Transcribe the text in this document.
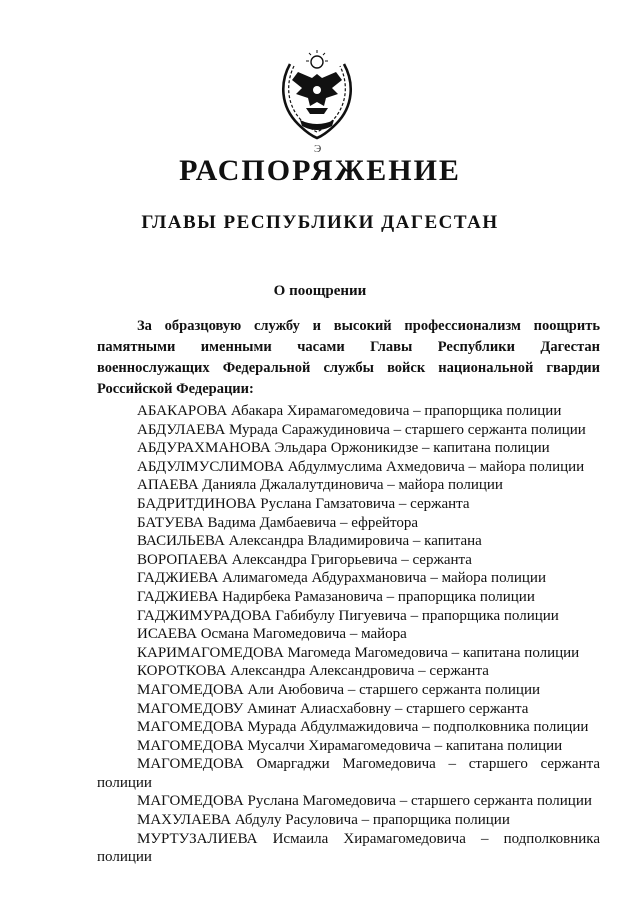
Э
РАСПОРЯЖЕНИЕ
ГЛАВЫ РЕСПУБЛИКИ ДАГЕСТАН
О поощрении
За образцовую службу и высокий профессионализм поощрить памятными именными часами Главы Республики Дагестан военнослужащих Федеральной службы войск национальной гвардии Российской Федерации:
АБАКАРОВА Абакара Хирамагомедовича – прапорщика полиции
АБДУЛАЕВА Мурада Саражудиновича – старшего сержанта полиции
АБДУРАХМАНОВА Эльдара Оржоникидзе – капитана полиции
АБДУЛМУСЛИМОВА Абдулмуслима Ахмедовича – майора полиции
АПАЕВА Данияла Джалалутдиновича – майора полиции
БАДРИТДИНОВА Руслана Гамзатовича – сержанта
БАТУЕВА Вадима Дамбаевича – ефрейтора
ВАСИЛЬЕВА Александра Владимировича – капитана
ВОРОПАЕВА Александра Григорьевича – сержанта
ГАДЖИЕВА Алимагомеда Абдурахмановича – майора полиции
ГАДЖИЕВА Надирбека Рамазановича – прапорщика полиции
ГАДЖИМУРАДОВА Габибулу Пигуевича – прапорщика полиции
ИСАЕВА Османа Магомедовича – майора
КАРИМАГОМЕДОВА Магомеда Магомедовича – капитана полиции
КОРОТКОВА Александра Александровича – сержанта
МАГОМЕДОВА Али Аюбовича – старшего сержанта полиции
МАГОМЕДОВУ Аминат Алиасхабовну – старшего сержанта
МАГОМЕДОВА Мурада Абдулмажидовича – подполковника полиции
МАГОМЕДОВА Мусалчи Хирамагомедовича – капитана полиции
МАГОМЕДОВА Омаргаджи Магомедовича – старшего сержанта полиции
МАГОМЕДОВА Руслана Магомедовича – старшего сержанта полиции
МАХУЛАЕВА Абдулу Расуловича – прапорщика полиции
МУРТУЗАЛИЕВА Исмаила Хирамагомедовича – подполковника полиции
